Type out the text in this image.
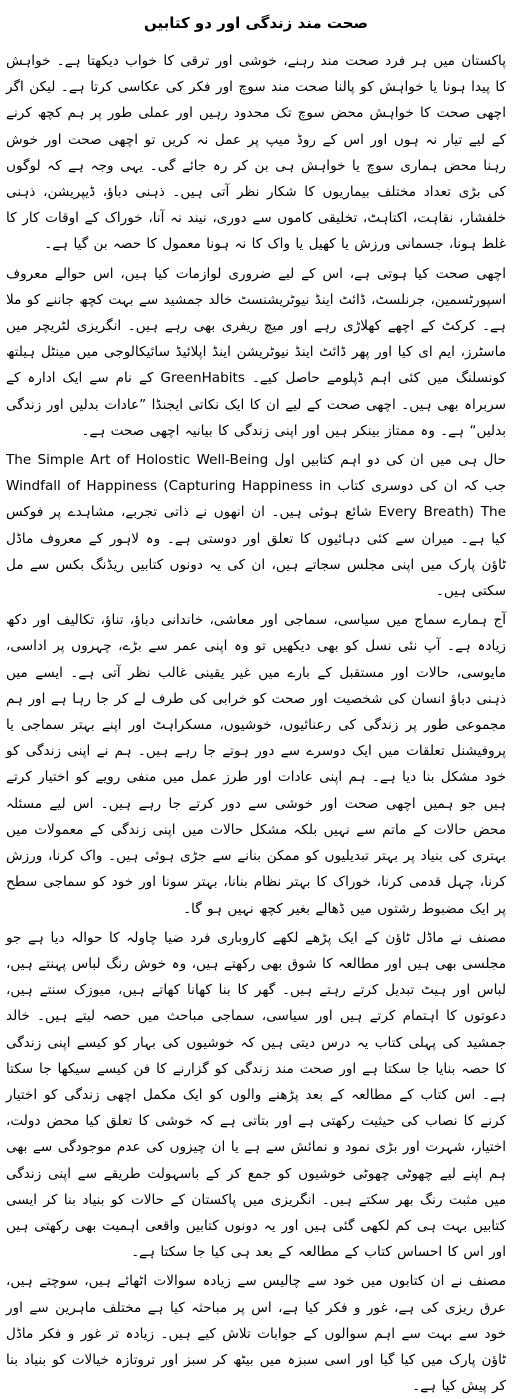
صحت مند زندگی اور دو کتابیں

پاکستان میں ہر فرد صحت مند رہنے، خوشی اور ترقی کا خواب دیکھتا ہے۔ خواہش کا پیدا ہونا یا خواہش کو پالنا صحت مند سوچ اور فکر کی عکاسی کرتا ہے۔ لیکن اگر اچھی صحت کا خواہش محض سوچ تک محدود رہیں اور عملی طور پر ہم کچھ کرنے کے لیے تیار نہ ہوں اور اس کے روڈ میپ پر عمل نہ کریں تو اچھی صحت اور خوش رہنا محض ہماری سوچ یا خواہش ہی بن کر رہ جائے گی۔ یہی وجہ ہے کہ لوگوں کی بڑی تعداد مختلف بیماریوں کا شکار نظر آتی ہیں۔ ذہنی دباؤ، ڈیپریشن، ذہنی خلفشار، نقاہت، اکتاہٹ، تخلیقی کاموں سے دوری، نیند نہ آنا، خوراک کے اوقات کار کا غلط ہونا، جسمانی ورزش یا کھیل یا واک کا نہ ہونا معمول کا حصہ بن گیا ہے۔

اچھی صحت کیا ہوتی ہے، اس کے لیے ضروری لوازمات کیا ہیں، اس حوالے معروف اسپورٹسمین، جرنلسٹ، ڈائٹ اینڈ نیوٹریشنسٹ خالد جمشید سے بہت کچھ جاننے کو ملا ہے۔ کرکٹ کے اچھے کھلاڑی رہے اور میچ ریفری بھی رہے ہیں۔ انگریزی لٹریچر میں ماسٹرز، ایم ای کیا اور پھر ڈائٹ اینڈ نیوٹریشن اینڈ اپلائیڈ سائیکالوجی میں مینٹل ہیلتھ کونسلنگ میں کئی اہم ڈپلومے حاصل کیے۔ GreenHabits کے نام سے ایک ادارہ کے سربراہ بھی ہیں۔ اچھی صحت کے لیے ان کا ایک نکاتی ایجنڈا ”عادات بدلیں اور زندگی بدلیں“ ہے۔ وہ ممتاز بینکر ہیں اور اپنی زندگی کا بیانیہ اچھی صحت ہے۔

حال ہی میں ان کی دو اہم کتابیں اول The Simple Art of Holostic Well-Being جب کہ ان کی دوسری کتاب Windfall of Happiness (Capturing Happiness in Every Breath) The شائع ہوئی ہیں۔ ان انھوں نے ذاتی تجربے، مشاہدے پر فوکس کیا ہے۔ میران سے کئی دہائیوں کا تعلق اور دوستی ہے۔ وہ لاہور کے معروف ماڈل ٹاؤن پارک میں اپنی مجلس سجاتے ہیں، ان کی یہ دونوں کتابیں ریڈنگ بکس سے مل سکتی ہیں۔

آج ہمارے سماج میں سیاسی، سماجی اور معاشی، خاندانی دباؤ، تناؤ، تکالیف اور دکھ زیادہ ہے۔ آپ نئی نسل کو بھی دیکھیں تو وہ اپنی عمر سے بڑے، چہروں پر اداسی، مایوسی، حالات اور مستقبل کے بارے میں غیر یقینی غالب نظر آتی ہے۔ ایسے میں ذہنی دباؤ انسان کی شخصیت اور صحت کو خرابی کی طرف لے کر جا رہا ہے اور ہم مجموعی طور پر زندگی کی رعنائیوں، خوشیوں، مسکراہٹ اور اپنے بہتر سماجی یا پروفیشنل تعلقات میں ایک دوسرے سے دور ہوتے جا رہے ہیں۔ ہم نے اپنی زندگی کو خود مشکل بنا دیا ہے۔ ہم اپنی عادات اور طرز عمل میں منفی رویے کو اختیار کرتے ہیں جو ہمیں اچھی صحت اور خوشی سے دور کرتے جا رہے ہیں۔ اس لیے مسئلہ محض حالات کے ماتم سے نہیں بلکہ مشکل حالات میں اپنی زندگی کے معمولات میں بہتری کی بنیاد پر بہتر تبدیلیوں کو ممکن بنانے سے جڑی ہوئی ہیں۔ واک کرنا، ورزش کرنا، چہل قدمی کرنا، خوراک کا بہتر نظام بنانا، بہتر سونا اور خود کو سماجی سطح پر ایک مضبوط رشتوں میں ڈھالے بغیر کچھ نہیں ہو گا۔

مصنف نے ماڈل ٹاؤن کے ایک پڑھے لکھے کاروباری فرد ضیا چاولہ کا حوالہ دیا ہے جو مجلسی بھی ہیں اور مطالعہ کا شوق بھی رکھتے ہیں، وہ خوش رنگ لباس پہنتے ہیں، لباس اور ہیٹ تبدیل کرتے رہتے ہیں۔ گھر کا بنا کھانا کھاتے ہیں، میوزک سنتے ہیں، دعوتوں کا اہتمام کرتے ہیں اور سیاسی، سماجی مباحث میں حصہ لیتے ہیں۔ خالد جمشید کی پہلی کتاب یہ درس دیتی ہیں کہ خوشیوں کی بہار کو کیسے اپنی زندگی کا حصہ بنایا جا سکتا ہے اور صحت مند زندگی کو گزارنے کا فن کیسے سیکھا جا سکتا ہے۔ اس کتاب کے مطالعہ کے بعد پڑھنے والوں کو ایک مکمل اچھی زندگی کو اختیار کرنے کا نصاب کی حیثیت رکھتی ہے اور بتاتی ہے کہ خوشی کا تعلق کیا محض دولت، اختیار، شہرت اور بڑی نمود و نمائش سے ہے یا ان چیزوں کی عدم موجودگی سے بھی ہم اپنے لیے چھوٹی چھوٹی خوشیوں کو جمع کر کے باسہولت طریقے سے اپنی زندگی میں مثبت رنگ بھر سکتے ہیں۔ انگریزی میں پاکستان کے حالات کو بنیاد بنا کر ایسی کتابیں بہت ہی کم لکھی گئی ہیں اور یہ دونوں کتابیں واقعی اہمیت بھی رکھتی ہیں اور اس کا احساس کتاب کے مطالعہ کے بعد ہی کیا جا سکتا ہے۔

مصنف نے ان کتابوں میں خود سے چالیس سے زیادہ سوالات اٹھائے ہیں، سوچتے ہیں، عرق ریزی کی ہے، غور و فکر کیا ہے، اس پر مباحثہ کیا ہے مختلف ماہرین سے اور خود سے بہت سے اہم سوالوں کے جوابات تلاش کیے ہیں۔ زیادہ تر غور و فکر ماڈل ٹاؤن پارک میں کیا گیا اور اسی سبزہ میں بیٹھ کر سبز اور تروتازہ خیالات کو بنیاد بنا کر پیش کیا ہے۔
